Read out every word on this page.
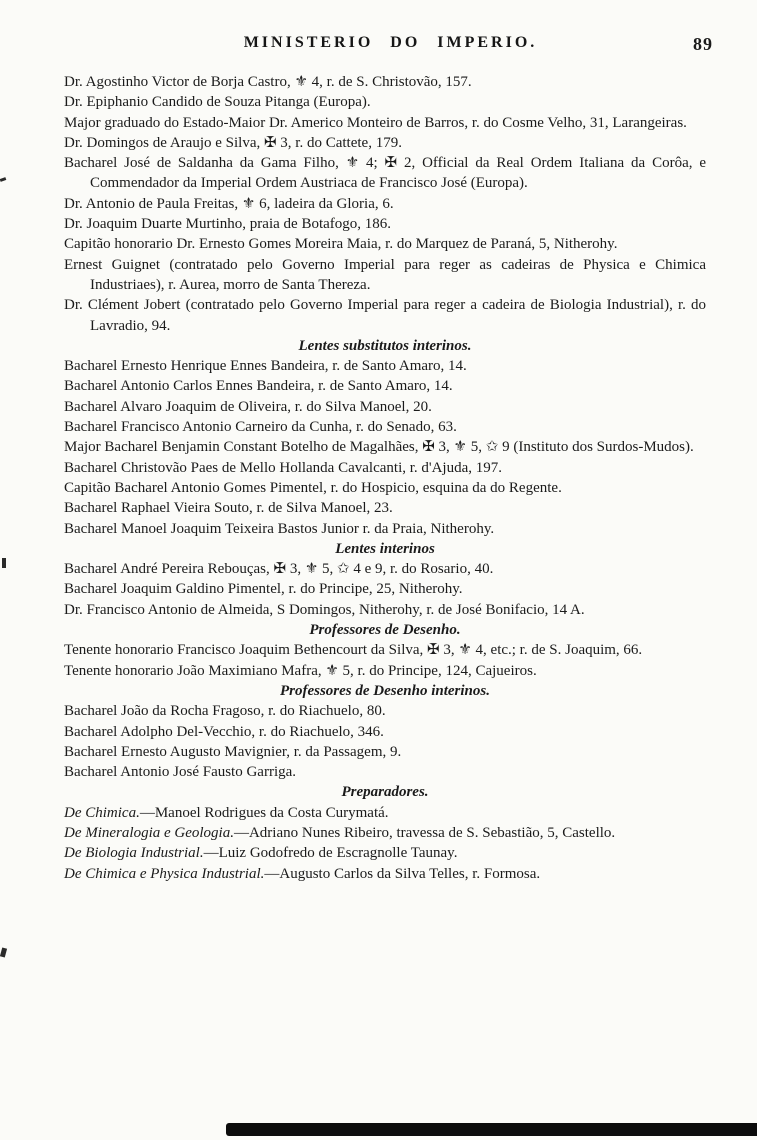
MINISTERIO DO IMPERIO.	89

Dr. Agostinho Victor de Borja Castro, ⚜ 4, r. de S. Christovão, 157.

Dr. Epiphanio Candido de Souza Pitanga (Europa).

Major graduado do Estado-Maior Dr. Americo Monteiro de Barros, r. do Cosme Velho, 31, Larangeiras.

Dr. Domingos de Araujo e Silva, ✠ 3, r. do Cattete, 179.

Bacharel José de Saldanha da Gama Filho, ⚜ 4; ✠ 2, Official da Real Ordem Italiana da Corôa, e Commendador da Imperial Ordem Austriaca de Francisco José (Europa).

Dr. Antonio de Paula Freitas, ⚜ 6, ladeira da Gloria, 6.

Dr. Joaquim Duarte Murtinho, praia de Botafogo, 186.

Capitão honorario Dr. Ernesto Gomes Moreira Maia, r. do Marquez de Paraná, 5, Nitherohy.

Ernest Guignet (contratado pelo Governo Imperial para reger as cadeiras de Physica e Chimica Industriaes), r. Aurea, morro de Santa Thereza.

Dr. Clément Jobert (contratado pelo Governo Imperial para reger a cadeira de Biologia Industrial), r. do Lavradio, 94.

Lentes substitutos interinos.

Bacharel Ernesto Henrique Ennes Bandeira, r. de Santo Amaro, 14.

Bacharel Antonio Carlos Ennes Bandeira, r. de Santo Amaro, 14.

Bacharel Alvaro Joaquim de Oliveira, r. do Silva Manoel, 20.

Bacharel Francisco Antonio Carneiro da Cunha, r. do Senado, 63.

Major Bacharel Benjamin Constant Botelho de Magalhães, ✠ 3, ⚜ 5, ✩ 9 (Instituto dos Surdos-Mudos).

Bacharel Christovão Paes de Mello Hollanda Cavalcanti, r. d'Ajuda, 197.

Capitão Bacharel Antonio Gomes Pimentel, r. do Hospicio, esquina da do Regente.

Bacharel Raphael Vieira Souto, r. de Silva Manoel, 23.

Bacharel Manoel Joaquim Teixeira Bastos Junior r. da Praia, Nitherohy.

Lentes interinos

Bacharel André Pereira Rebouças, ✠ 3, ⚜ 5, ✩ 4 e 9, r. do Rosario, 40.

Bacharel Joaquim Galdino Pimentel, r. do Principe, 25, Nitherohy.

Dr. Francisco Antonio de Almeida, S Domingos, Nitherohy, r. de José Bonifacio, 14 A.

Professores de Desenho.

Tenente honorario Francisco Joaquim Bethencourt da Silva, ✠ 3, ⚜ 4, etc.; r. de S. Joaquim, 66.

Tenente honorario João Maximiano Mafra, ⚜ 5, r. do Principe, 124, Cajueiros.

Professores de Desenho interinos.

Bacharel João da Rocha Fragoso, r. do Riachuelo, 80.

Bacharel Adolpho Del-Vecchio, r. do Riachuelo, 346.

Bacharel Ernesto Augusto Mavignier, r. da Passagem, 9.

Bacharel Antonio José Fausto Garriga.

Preparadores.

De Chimica.—Manoel Rodrigues da Costa Curymatá.

De Mineralogia e Geologia.—Adriano Nunes Ribeiro, travessa de S. Sebastião, 5, Castello.

De Biologia Industrial.—Luiz Godofredo de Escragnolle Taunay.

De Chimica e Physica Industrial.—Augusto Carlos da Silva Telles, r. Formosa.
